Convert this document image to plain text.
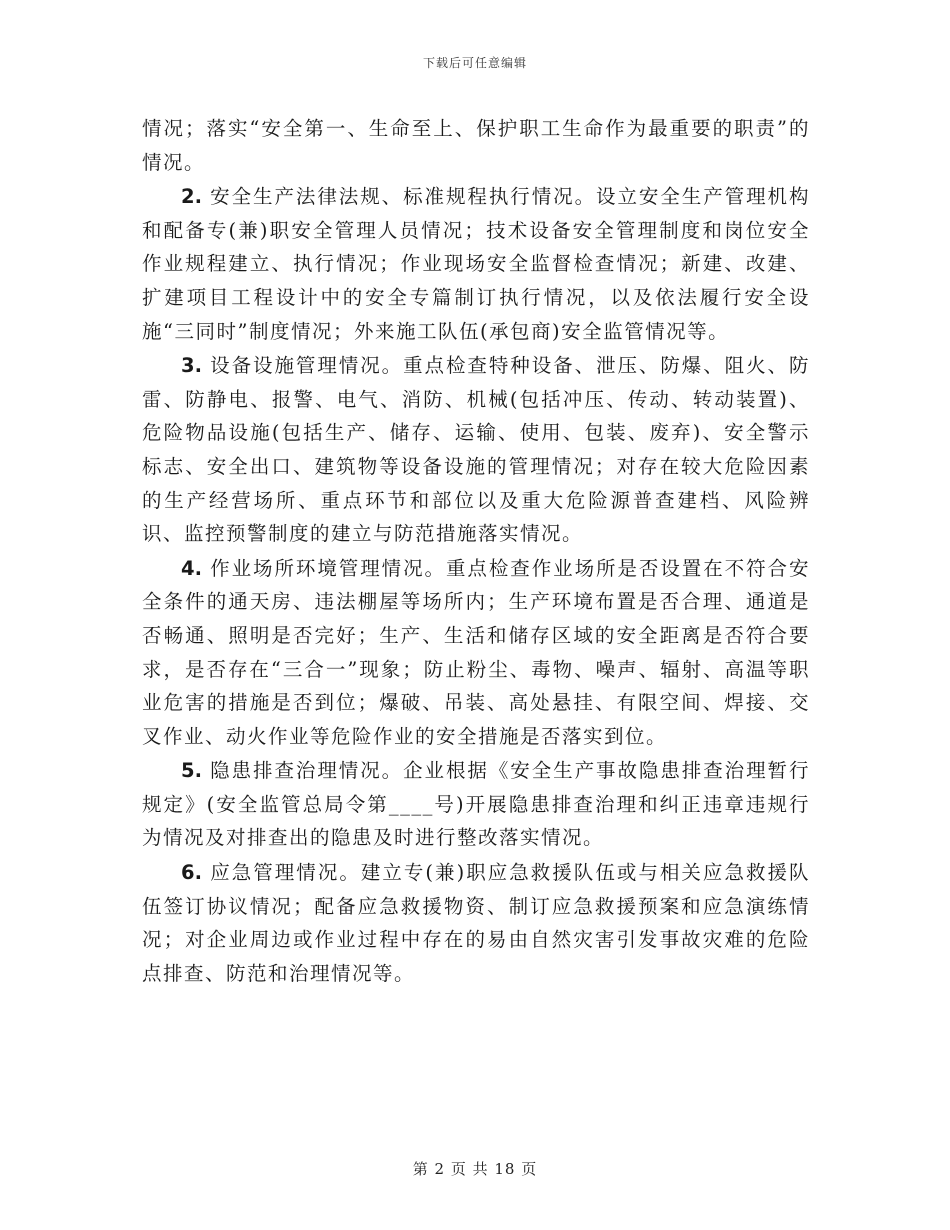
下载后可任意编辑

情况；落实“安全第一、生命至上、保护职工生命作为最重要的职责”的情况。

2. 安全生产法律法规、标准规程执行情况。设立安全生产管理机构和配备专(兼)职安全管理人员情况；技术设备安全管理制度和岗位安全作业规程建立、执行情况；作业现场安全监督检查情况；新建、改建、扩建项目工程设计中的安全专篇制订执行情况，以及依法履行安全设施“三同时”制度情况；外来施工队伍(承包商)安全监管情况等。

3. 设备设施管理情况。重点检查特种设备、泄压、防爆、阻火、防雷、防静电、报警、电气、消防、机械(包括冲压、传动、转动装置)、危险物品设施(包括生产、储存、运输、使用、包装、废弃)、安全警示标志、安全出口、建筑物等设备设施的管理情况；对存在较大危险因素的生产经营场所、重点环节和部位以及重大危险源普查建档、风险辨识、监控预警制度的建立与防范措施落实情况。

4. 作业场所环境管理情况。重点检查作业场所是否设置在不符合安全条件的通天房、违法棚屋等场所内；生产环境布置是否合理、通道是否畅通、照明是否完好；生产、生活和储存区域的安全距离是否符合要求，是否存在“三合一”现象；防止粉尘、毒物、噪声、辐射、高温等职业危害的措施是否到位；爆破、吊装、高处悬挂、有限空间、焊接、交叉作业、动火作业等危险作业的安全措施是否落实到位。

5. 隐患排查治理情况。企业根据《安全生产事故隐患排查治理暂行规定》(安全监管总局令第____号)开展隐患排查治理和纠正违章违规行为情况及对排查出的隐患及时进行整改落实情况。

6. 应急管理情况。建立专(兼)职应急救援队伍或与相关应急救援队伍签订协议情况；配备应急救援物资、制订应急救援预案和应急演练情况；对企业周边或作业过程中存在的易由自然灾害引发事故灾难的危险点排查、防范和治理情况等。

第 2 页 共 18 页
